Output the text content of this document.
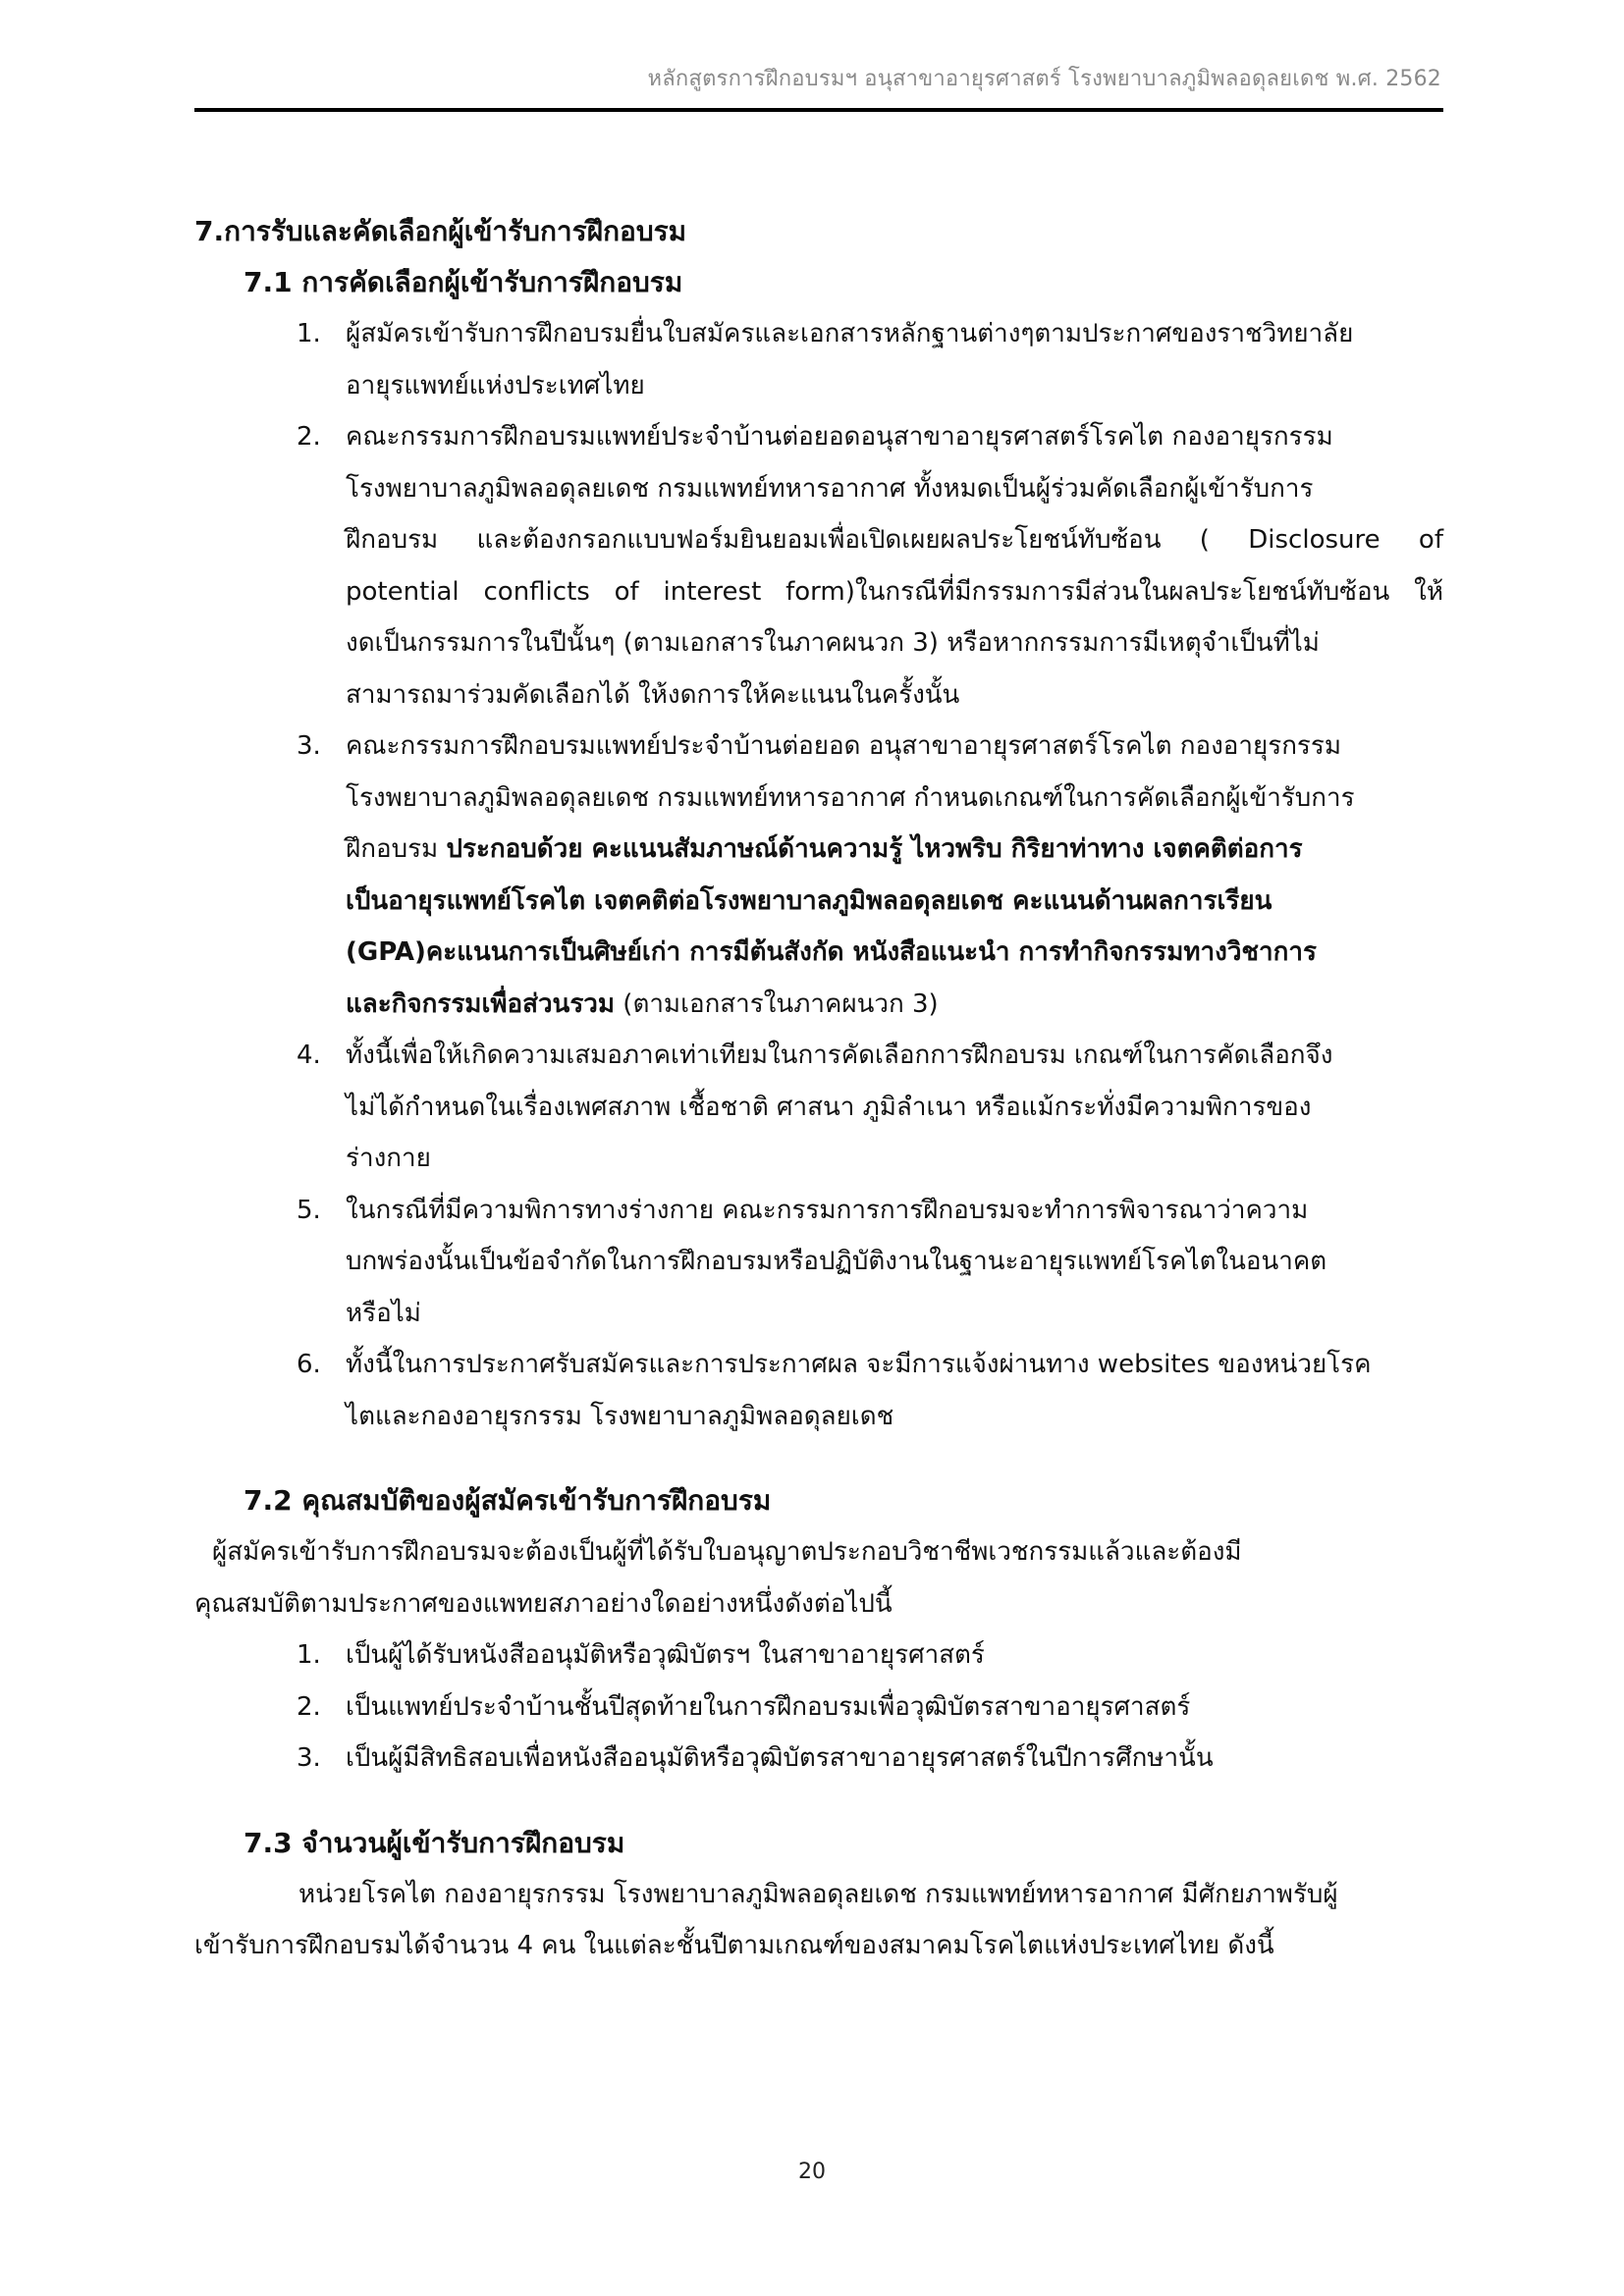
หลักสูตรการฝึกอบรมฯ อนุสาขาอายุรศาสตร์ โรงพยาบาลภูมิพลอดุลยเดช พ.ศ. 2562
7.การรับและคัดเลือกผู้เข้ารับการฝึกอบรม
7.1 การคัดเลือกผู้เข้ารับการฝึกอบรม
1. ผู้สมัครเข้ารับการฝึกอบรมยื่นใบสมัครและเอกสารหลักฐานต่างๆตามประกาศของราชวิทยาลัย
อายุรแพทย์แห่งประเทศไทย
2. คณะกรรมการฝึกอบรมแพทย์ประจำบ้านต่อยอดอนุสาขาอายุรศาสตร์โรคไต กองอายุรกรรม
โรงพยาบาลภูมิพลอดุลยเดช กรมแพทย์ทหารอากาศ ทั้งหมดเป็นผู้ร่วมคัดเลือกผู้เข้ารับการ
ฝึกอบรม และต้องกรอกแบบฟอร์มยินยอมเพื่อเปิดเผยผลประโยชน์ทับซ้อน ( Disclosure of
potential conflicts of interest form)ในกรณีที่มีกรรมการมีส่วนในผลประโยชน์ทับซ้อน ให้
งดเป็นกรรมการในปีนั้นๆ (ตามเอกสารในภาคผนวก 3) หรือหากกรรมการมีเหตุจำเป็นที่ไม่
สามารถมาร่วมคัดเลือกได้ ให้งดการให้คะแนนในครั้งนั้น
3. คณะกรรมการฝึกอบรมแพทย์ประจำบ้านต่อยอด อนุสาขาอายุรศาสตร์โรคไต กองอายุรกรรม
โรงพยาบาลภูมิพลอดุลยเดช กรมแพทย์ทหารอากาศ กำหนดเกณฑ์ในการคัดเลือกผู้เข้ารับการ
ฝึกอบรม ประกอบด้วย คะแนนสัมภาษณ์ด้านความรู้ ไหวพริบ กิริยาท่าทาง เจตคติต่อการ
เป็นอายุรแพทย์โรคไต เจตคติต่อโรงพยาบาลภูมิพลอดุลยเดช คะแนนด้านผลการเรียน
(GPA)คะแนนการเป็นศิษย์เก่า การมีต้นสังกัด หนังสือแนะนำ การทำกิจกรรมทางวิชาการ
และกิจกรรมเพื่อส่วนรวม (ตามเอกสารในภาคผนวก 3)
4. ทั้งนี้เพื่อให้เกิดความเสมอภาคเท่าเทียมในการคัดเลือกการฝึกอบรม เกณฑ์ในการคัดเลือกจึง
ไม่ได้กำหนดในเรื่องเพศสภาพ เชื้อชาติ ศาสนา ภูมิลำเนา หรือแม้กระทั่งมีความพิการของ
ร่างกาย
5. ในกรณีที่มีความพิการทางร่างกาย คณะกรรมการการฝึกอบรมจะทำการพิจารณาว่าความ
บกพร่องนั้นเป็นข้อจำกัดในการฝึกอบรมหรือปฏิบัติงานในฐานะอายุรแพทย์โรคไตในอนาคต
หรือไม่
6. ทั้งนี้ในการประกาศรับสมัครและการประกาศผล จะมีการแจ้งผ่านทาง websites ของหน่วยโรค
ไตและกองอายุรกรรม โรงพยาบาลภูมิพลอดุลยเดช
7.2 คุณสมบัติของผู้สมัครเข้ารับการฝึกอบรม
ผู้สมัครเข้ารับการฝึกอบรมจะต้องเป็นผู้ที่ได้รับใบอนุญาตประกอบวิชาชีพเวชกรรมแล้วและต้องมี
คุณสมบัติตามประกาศของแพทยสภาอย่างใดอย่างหนึ่งดังต่อไปนี้
1. เป็นผู้ได้รับหนังสืออนุมัติหรือวุฒิบัตรฯ ในสาขาอายุรศาสตร์
2. เป็นแพทย์ประจำบ้านชั้นปีสุดท้ายในการฝึกอบรมเพื่อวุฒิบัตรสาขาอายุรศาสตร์
3. เป็นผู้มีสิทธิสอบเพื่อหนังสืออนุมัติหรือวุฒิบัตรสาขาอายุรศาสตร์ในปีการศึกษานั้น
7.3 จำนวนผู้เข้ารับการฝึกอบรม
หน่วยโรคไต กองอายุรกรรม โรงพยาบาลภูมิพลอดุลยเดช กรมแพทย์ทหารอากาศ มีศักยภาพรับผู้
เข้ารับการฝึกอบรมได้จำนวน 4 คน ในแต่ละชั้นปีตามเกณฑ์ของสมาคมโรคไตแห่งประเทศไทย ดังนี้
20
